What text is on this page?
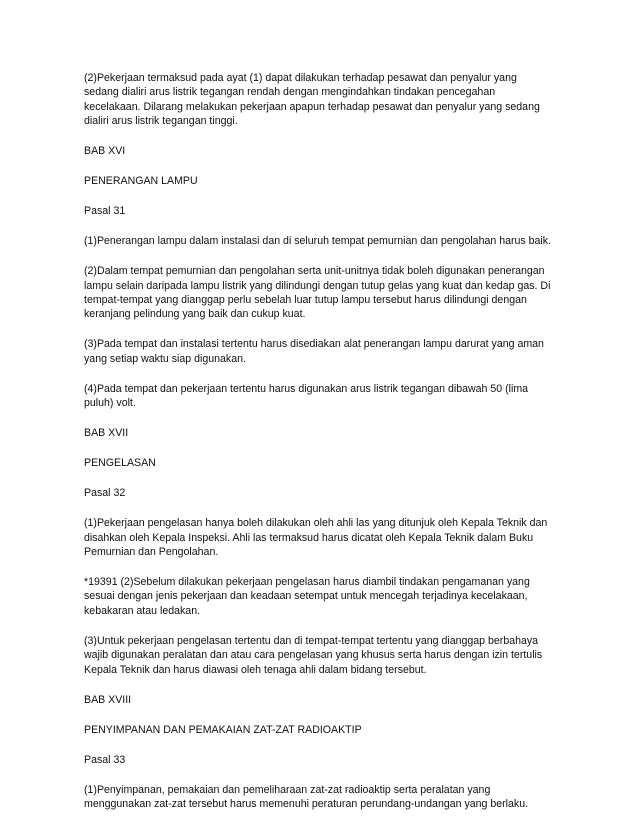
(2)Pekerjaan termaksud pada ayat (1) dapat dilakukan terhadap pesawat dan penyalur yang sedang dialiri arus listrik tegangan rendah dengan mengindahkan tindakan pencegahan kecelakaan. Dilarang melakukan pekerjaan apapun terhadap pesawat dan penyalur yang sedang dialiri arus listrik tegangan tinggi.

BAB XVI

PENERANGAN LAMPU

Pasal 31

(1)Penerangan lampu dalam instalasi dan di seluruh tempat pemurnian dan pengolahan harus baik.

(2)Dalam tempat pemurnian dan pengolahan serta unit-unitnya tidak boleh digunakan penerangan lampu selain daripada lampu listrik yang dilindungi dengan tutup gelas yang kuat dan kedap gas. Di tempat-tempat yang dianggap perlu sebelah luar tutup lampu tersebut harus dilindungi dengan keranjang pelindung yang baik dan cukup kuat.

(3)Pada tempat dan instalasi tertentu harus disediakan alat penerangan lampu darurat yang aman yang setiap waktu siap digunakan.

(4)Pada tempat dan pekerjaan tertentu harus digunakan arus listrik tegangan dibawah 50 (lima puluh) volt.

BAB XVII

PENGELASAN

Pasal 32

(1)Pekerjaan pengelasan hanya boleh dilakukan oleh ahli las yang ditunjuk oleh Kepala Teknik dan disahkan oleh Kepala Inspeksi. Ahli las termaksud harus dicatat oleh Kepala Teknik dalam Buku Pemurnian dan Pengolahan.

*19391 (2)Sebelum dilakukan pekerjaan pengelasan harus diambil tindakan pengamanan yang sesuai dengan jenis pekerjaan dan keadaan setempat untuk mencegah terjadinya kecelakaan, kebakaran atau ledakan.

(3)Untuk pekerjaan pengelasan tertentu dan di tempat-tempat tertentu yang dianggap berbahaya wajib digunakan peralatan dan atau cara pengelasan yang khusus serta harus dengan izin tertulis Kepala Teknik dan harus diawasi oleh tenaga ahli dalam bidang tersebut.

BAB XVIII

PENYIMPANAN DAN PEMAKAIAN ZAT-ZAT RADIOAKTIP

Pasal 33

(1)Penyimpanan, pemakaian dan pemeliharaan zat-zat radioaktip serta peralatan yang menggunakan zat-zat tersebut harus memenuhi peraturan perundang-undangan yang berlaku.
